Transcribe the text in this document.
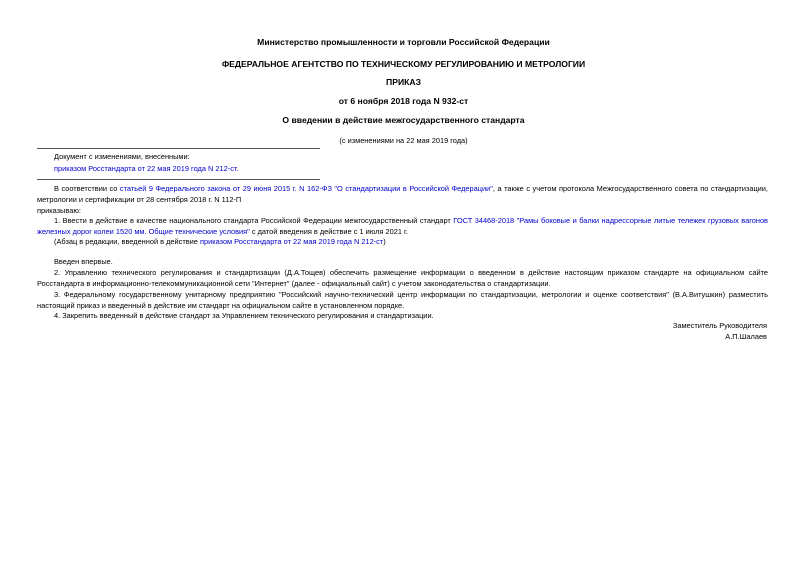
Министерство промышленности и торговли Российской Федерации
ФЕДЕРАЛЬНОЕ АГЕНТСТВО ПО ТЕХНИЧЕСКОМУ РЕГУЛИРОВАНИЮ И МЕТРОЛОГИИ
ПРИКАЗ
от 6 ноября 2018 года N 932-ст
О введении в действие межгосударственного стандарта
(с изменениями на 22 мая 2019 года)
Документ с изменениями, внесенными:
приказом Росстандарта от 22 мая 2019 года N 212-ст.
В соответствии со статьей 9 Федерального закона от 29 июня 2015 г. N 162-ФЗ "О стандартизации в Российской Федерации", а также с учетом протокола Межгосударственного совета по стандартизации, метрологии и сертификации от 28 сентября 2018 г. N 112-П
приказываю:
1. Ввести в действие в качестве национального стандарта Российской Федерации межгосударственный стандарт ГОСТ 34468-2018 "Рамы боковые и балки надрессорные литые тележек грузовых вагонов железных дорог колеи 1520 мм. Общие технические условия" с датой введения в действие с 1 июля 2021 г.
(Абзац в редакции, введенной в действие приказом Росстандарта от 22 мая 2019 года N 212-ст)
Введен впервые.
2. Управлению технического регулирования и стандартизации (Д.А.Тощев) обеспечить размещение информации о введенном в действие настоящим приказом стандарте на официальном сайте Росстандарта в информационно-телекоммуникационной сети "Интернет" (далее - официальный сайт) с учетом законодательства о стандартизации.
3. Федеральному государственному унитарному предприятию "Российский научно-технический центр информации по стандартизации, метрологии и оценке соответствия" (В.А.Витушкин) разместить настоящий приказ и введенный в действие им стандарт на официальном сайте в установленном порядке.
4. Закрепить введенный в действие стандарт за Управлением технического регулирования и стандартизации.
Заместитель Руководителя
А.П.Шалаев
